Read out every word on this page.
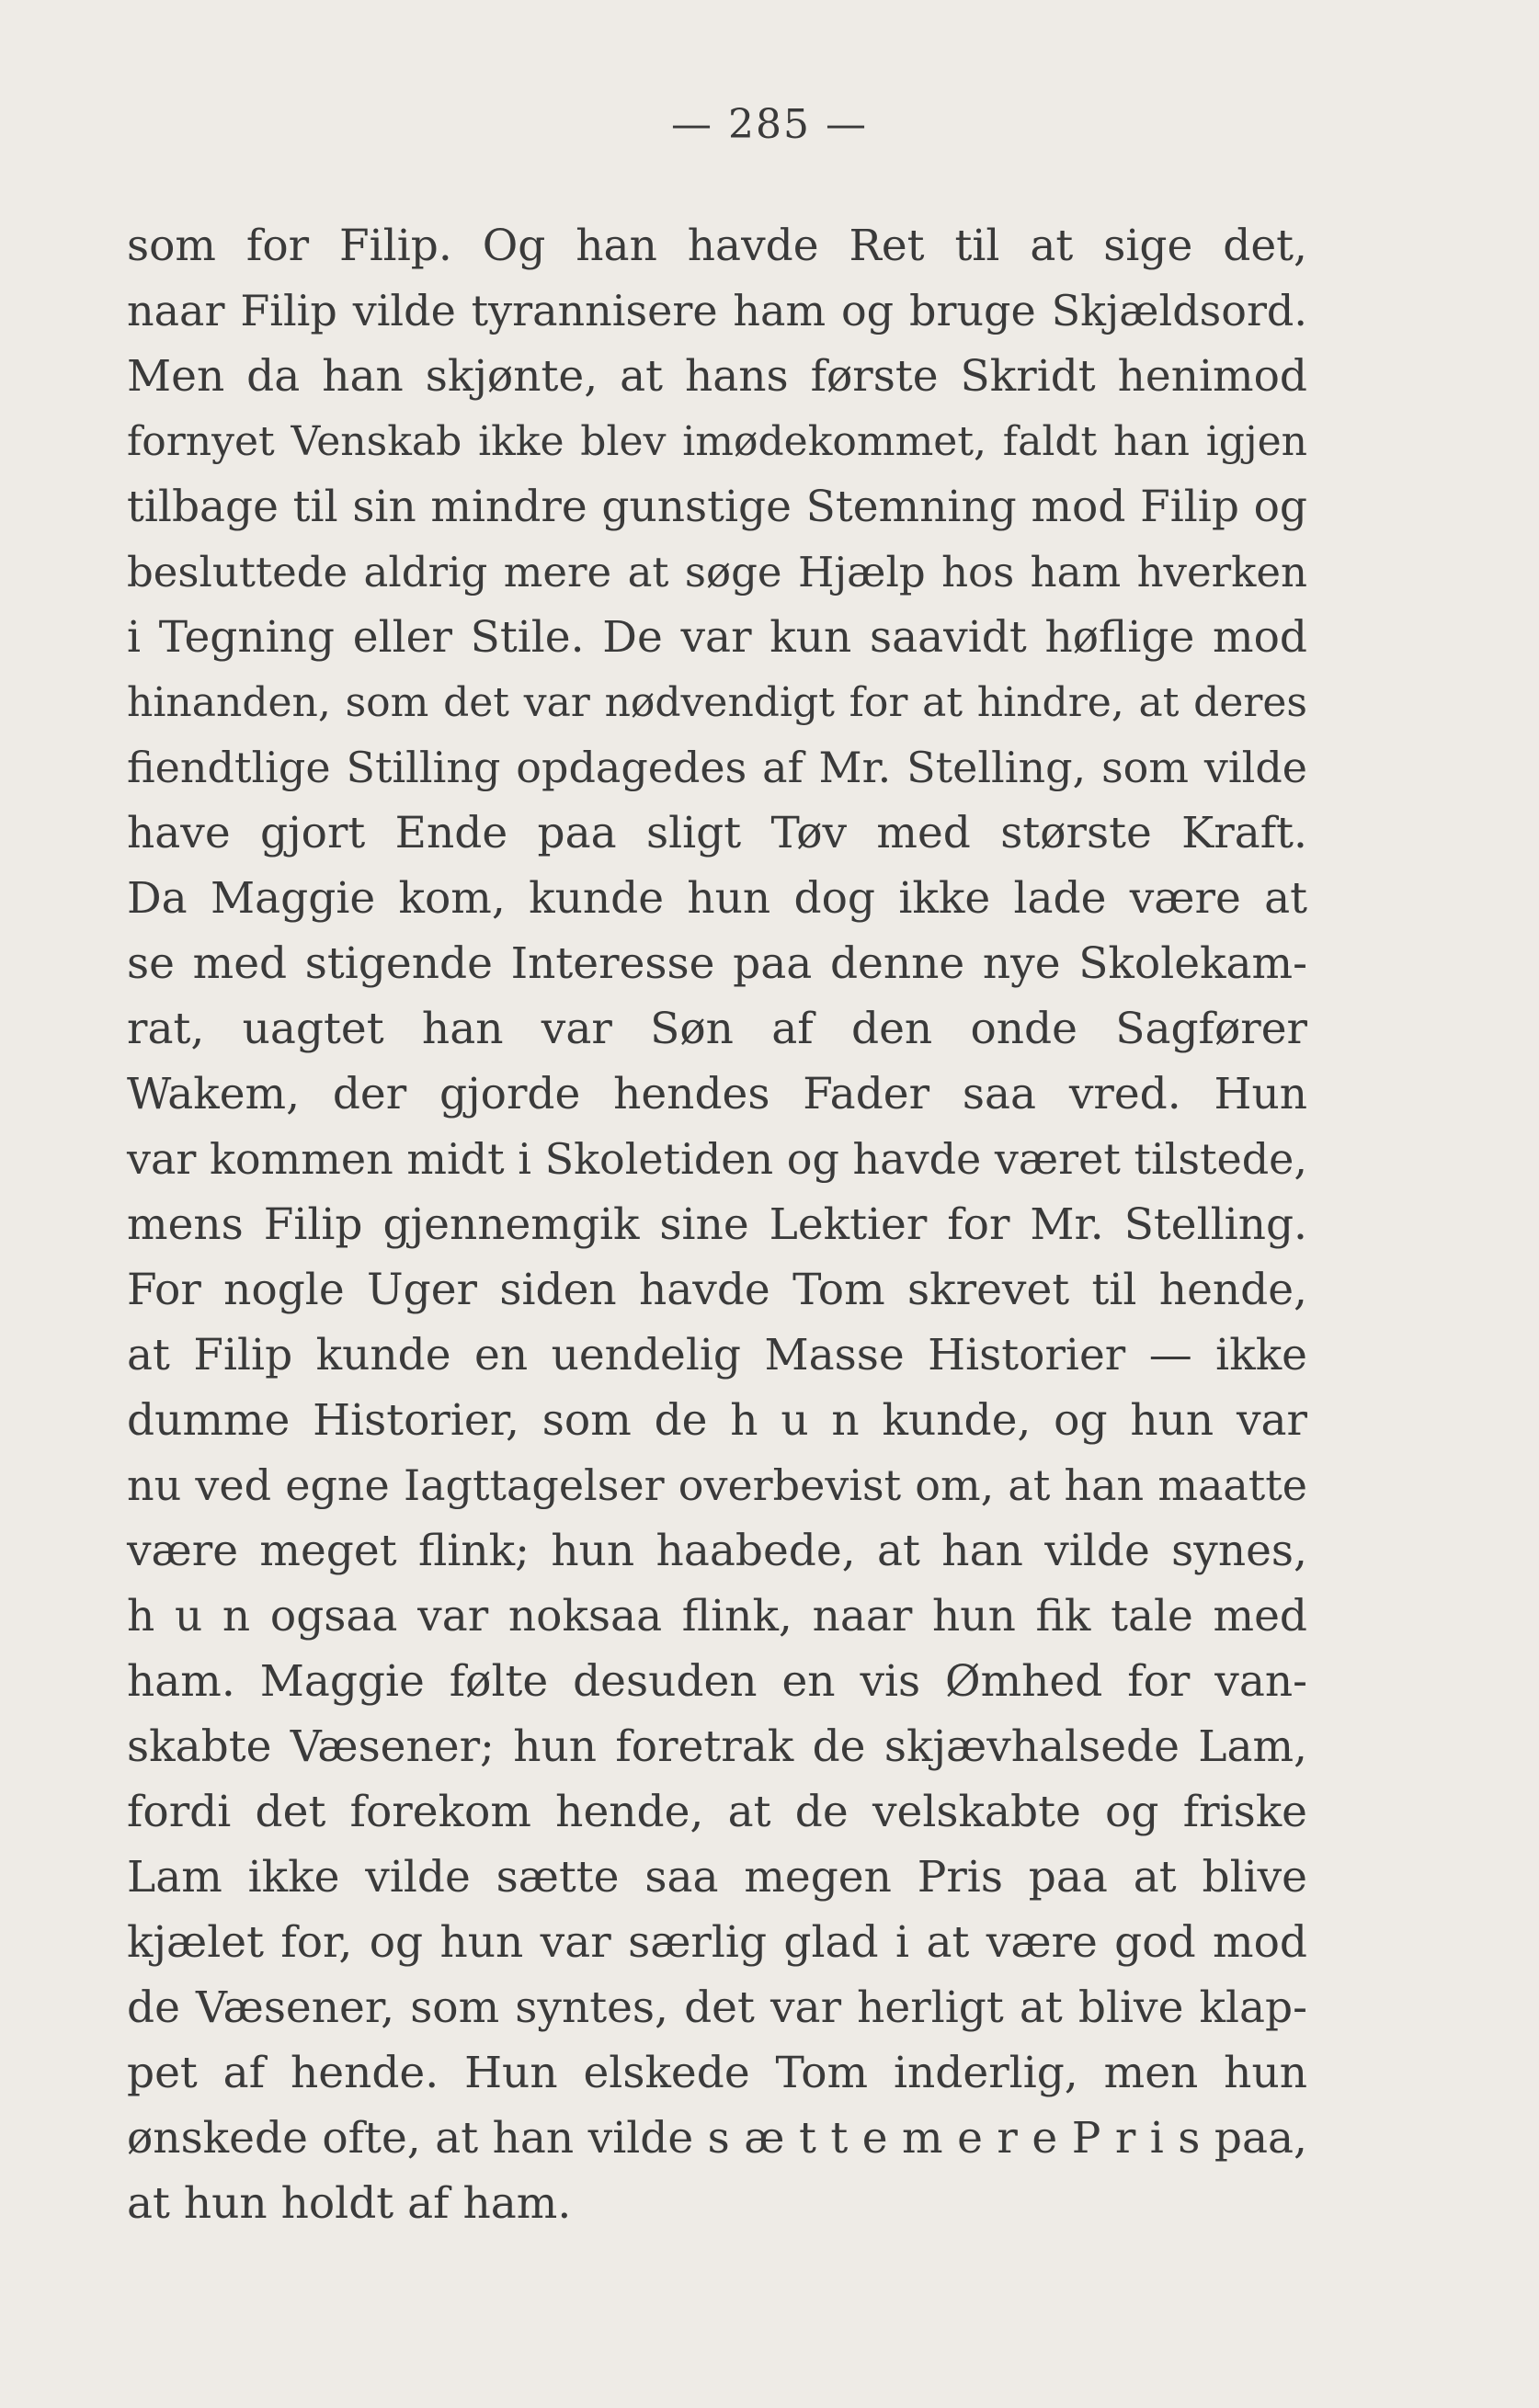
— 285 —
som for Filip. Og han havde Ret til at sige det,
naar Filip vilde tyrannisere ham og bruge Skjældsord.
Men da han skjønte, at hans første Skridt henimod
fornyet Venskab ikke blev imødekommet, faldt han igjen
tilbage til sin mindre gunstige Stemning mod Filip og
besluttede aldrig mere at søge Hjælp hos ham hverken
i Tegning eller Stile. De var kun saavidt høflige mod
hinanden, som det var nødvendigt for at hindre, at deres
fiendtlige Stilling opdagedes af Mr. Stelling, som vilde
have gjort Ende paa sligt Tøv med største Kraft.
Da Maggie kom, kunde hun dog ikke lade være at
se med stigende Interesse paa denne nye Skolekam-
rat, uagtet han var Søn af den onde Sagfører
Wakem, der gjorde hendes Fader saa vred. Hun
var kommen midt i Skoletiden og havde været tilstede,
mens Filip gjennemgik sine Lektier for Mr. Stelling.
For nogle Uger siden havde Tom skrevet til hende,
at Filip kunde en uendelig Masse Historier — ikke
dumme Historier, som de h u n kunde, og hun var
nu ved egne Iagttagelser overbevist om, at han maatte
være meget flink; hun haabede, at han vilde synes,
h u n ogsaa var noksaa flink, naar hun fik tale med
ham. Maggie følte desuden en vis Ømhed for van-
skabte Væsener; hun foretrak de skjævhalsede Lam,
fordi det forekom hende, at de velskabte og friske
Lam ikke vilde sætte saa megen Pris paa at blive
kjælet for, og hun var særlig glad i at være god mod
de Væsener, som syntes, det var herligt at blive klap-
pet af hende. Hun elskede Tom inderlig, men hun
ønskede ofte, at han vilde s æ t t e m e r e P r i s paa,
at hun holdt af ham.
